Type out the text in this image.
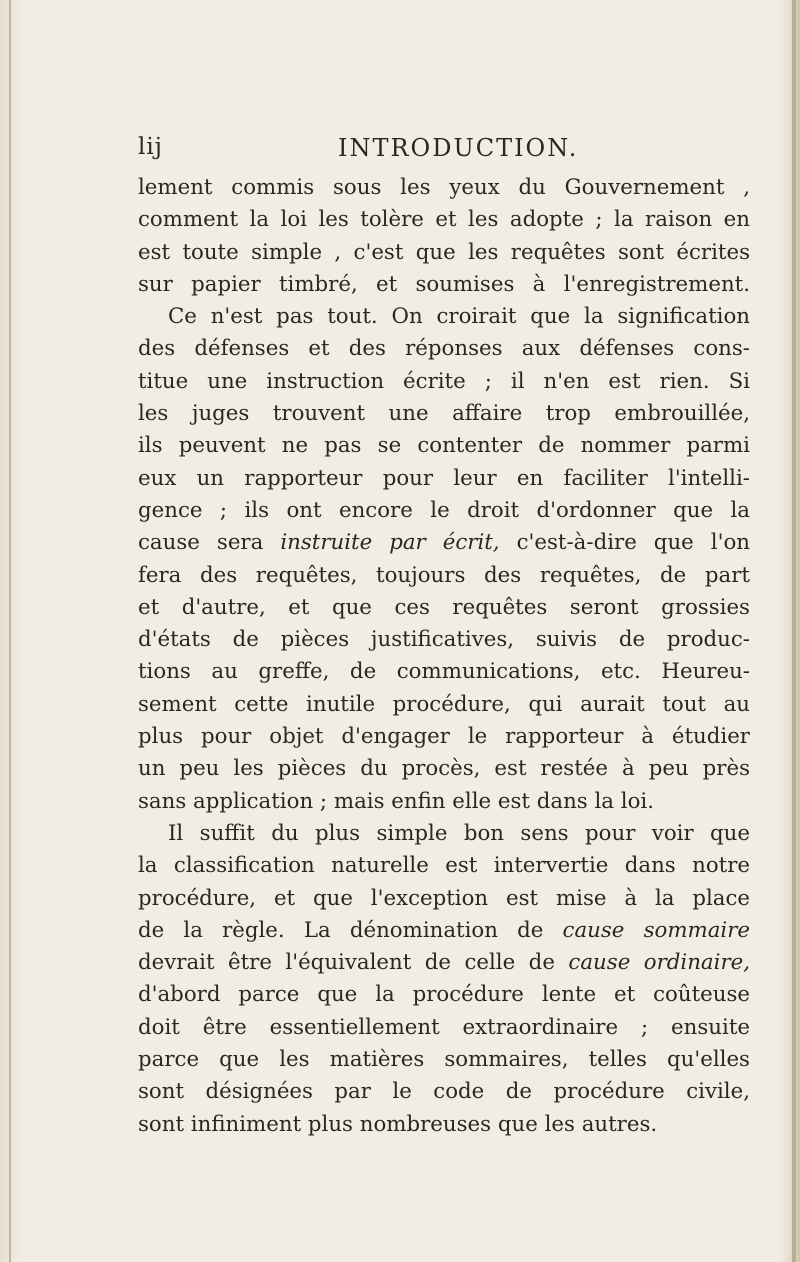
lij	INTRODUCTION.
lement commis sous les yeux du Gouvernement ,
comment la loi les tolère et les adopte ; la raison en
est toute simple , c'est que les requêtes sont écrites
sur papier timbré, et soumises à l'enregistrement.
Ce n'est pas tout. On croirait que la signification
des défenses et des réponses aux défenses cons-
titue une instruction écrite ; il n'en est rien. Si
les juges trouvent une affaire trop embrouillée,
ils peuvent ne pas se contenter de nommer parmi
eux un rapporteur pour leur en faciliter l'intelli-
gence ; ils ont encore le droit d'ordonner que la
cause sera instruite par écrit, c'est-à-dire que l'on
fera des requêtes, toujours des requêtes, de part
et d'autre, et que ces requêtes seront grossies
d'états de pièces justificatives, suivis de produc-
tions au greffe, de communications, etc. Heureu-
sement cette inutile procédure, qui aurait tout au
plus pour objet d'engager le rapporteur à étudier
un peu les pièces du procès, est restée à peu près
sans application ; mais enfin elle est dans la loi.
Il suffit du plus simple bon sens pour voir que
la classification naturelle est intervertie dans notre
procédure, et que l'exception est mise à la place
de la règle. La dénomination de cause sommaire
devrait être l'équivalent de celle de cause ordinaire,
d'abord parce que la procédure lente et coûteuse
doit être essentiellement extraordinaire ; ensuite
parce que les matières sommaires, telles qu'elles
sont désignées par le code de procédure civile,
sont infiniment plus nombreuses que les autres.
